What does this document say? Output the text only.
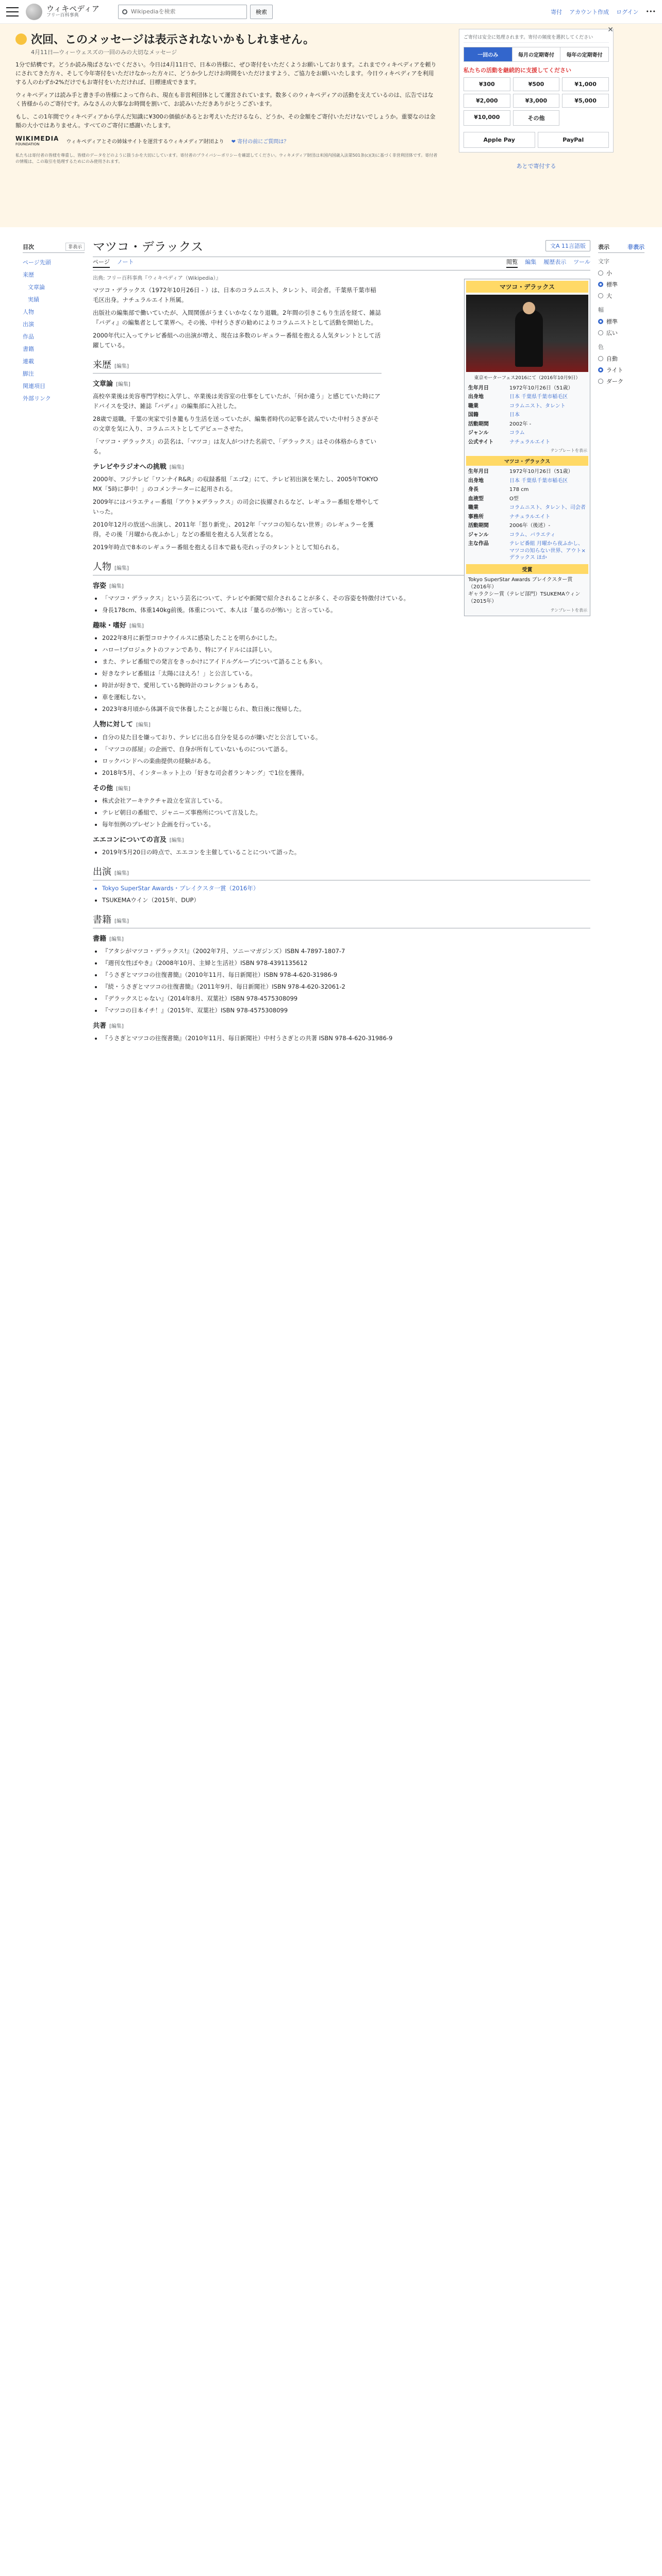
ウィキペディア
フリー百科事典
Wikipediaを検索
検索	寄付 アカウント作成 ログイン •••
次回、このメッセージは表示されないかもしれません。
4月11日―ウィーウェスズの一回のみの大切なメッセージ

1分で結構です。どうか読み飛ばさないでください。今日は4月11日で、日本の皆様に、ぜひ寄付をいただくようお願いしております。これまでウィキペディアを頼りにされてきた方々、そして今年寄付をいただけなかった方々に、どうか少しだけお時間をいただけますよう、ご協力をお願いいたします。今日ウィキペディアを利用する人のわずか2%だけでもお寄付をいただければ、目標達成できます。

ウィキペディアは読み手と書き手の皆様によって作られ、現在も非営利団体として運営されています。数多くのウィキペディアの活動を支えているのは、広告ではなく皆様からのご寄付です。みなさんの大事なお時間を割いて、お読みいただきありがとうございます。

もし、この1年間でウィキペディアから学んだ知識に¥300の価値があるとお考えいただけるなら、どうか、その金額をご寄付いただけないでしょうか。重要なのは金額の大小ではありません。すべてのご寄付に感謝いたします。

WIKIMEDIA
FOUNDATION	ウィキペディアとその姉妹サイトを運営するウィキメディア財団より ❤ 寄付の前にご質問は？

私たちは寄付者の皆様を尊重し、皆様のデータをどのように扱うかを大切にしています。寄付者のプライバシーポリシーを確認してください。ウィキメディア財団は米国内国歳入法第501条(c)(3)に基づく非営利団体です。寄付者の情報は、この取引を処理するためにのみ使用されます。

✕
ご寄付は安全に処理されます。寄付の頻度を選択してください
一回のみ	毎月の定期寄付	毎年の定期寄付
私たちの活動を継続的に支援してください
¥300	¥500	¥1,000
¥2,000	¥3,000	¥5,000
¥10,000	その他
Apple Pay	PayPal
あとで寄付する
目次	非表示
ページ先頭
来歴
文章論
実績
人物
出演
作品
書籍
連載
脚注
関連項目
外部リンク
表示	非表示
文字
小
標準
大
幅
標準
広い
色
自動
ライト
ダーク
マツコ・デラックス	文A 11言語版
ページ ノート	閲覧 編集 履歴表示 ツール
出典: フリー百科事典『ウィキペディア（Wikipedia）』

マツコ・デラックス（1972年10月26日 - ）は、日本のコラムニスト、タレント、司会者。千葉県千葉市稲毛区出身。ナチュラルエイト所属。

出版社の編集部で働いていたが、入間関係がうまくいかなくなり退職。2年間の引きこもり生活を経て、雑誌『バディ』の編集者として業界へ。その後、中村うさぎの勧めによりコラムニストとして活動を開始した。

2000年代に入ってテレビ番組への出演が増え、現在は多数のレギュラー番組を抱える人気タレントとして活躍している。

来歴 [編集]
文章論 [編集]

高校卒業後は美容専門学校に入学し、卒業後は美容室の仕事をしていたが、「何か違う」と感じていた時にアドバイスを受け、雑誌『バディ』の編集部に入社した。

28歳で退職。千葉の実家で引き籠もり生活を送っていたが、編集者時代の記事を読んでいた中村うさぎがその文章を気に入り、コラムニストとしてデビューさせた。

「マツコ・デラックス」の芸名は、「マツコ」は友人がつけた名前で、「デラックス」はその体格からきている。

テレビやラジオへの挑戦 [編集]

2000年、フジテレビ「ワンナイR&R」の収録番組「エゴ2」にて、テレビ初出演を果たし、2005年TOKYO MX「5時に夢中！」のコメンテーターに起用される。

2009年にはバラエティー番組「アウト×デラックス」の司会に抜擢されるなど、レギュラー番組を増やしていった。

2010年12月の放送へ出演し、2011年「怒り新党」、2012年「マツコの知らない世界」のレギュラーを獲得。その後「月曜から夜ふかし」などの番組を抱える人気者となる。

2019年時点で8本のレギュラー番組を抱える日本で最も売れっ子のタレントとして知られる。

人物 [編集]
容姿 [編集]
• 「マツコ・デラックス」という芸名について、テレビや新聞で紹介されることが多く、その容姿を特徴付けている。
• 身長178cm、体重140kg前後。体重について、本人は「量るのが怖い」と言っている。
趣味・嗜好 [編集]
• 2022年8月に新型コロナウイルスに感染したことを明らかにした。
• ハロー!プロジェクトのファンであり、特にアイドルには詳しい。
• また、テレビ番組での発言をきっかけにアイドルグループについて語ることも多い。
• 好きなテレビ番組は「太陽にほえろ！」と公言している。
• 時計が好きで、愛用している腕時計のコレクションもある。
• 車を運転しない。
• 2023年8月頃から体調不良で休養したことが報じられ、数日後に復帰した。
人物に対して [編集]
• 自分の見た目を嫌っており、テレビに出る自分を見るのが嫌いだと公言している。
• 「マツコの部屋」の企画で、自身が所有していないものについて語る。
• ロックバンドへの楽曲提供の経験がある。
• 2018年5月、インターネット上の「好きな司会者ランキング」で1位を獲得。
その他 [編集]
• 株式会社アーキテクチャ設立を宣言している。
• テレビ朝日の番組で、ジャニーズ事務所について言及した。
• 毎年恒例のプレゼント企画を行っている。
エエコンについての言及 [編集]
• 2019年5月20日の時点で、エエコンを主催していることについて語った。
出演 [編集]
• Tokyo SuperStar Awards・ブレイクスタ一賞（2016年）
• TSUKEMAウイン（2015年、DUP）
書籍 [編集]
書籍 [編集]
• 『アタシがマツコ・デラックス!』（2002年7月、ソニーマガジンズ）ISBN 4-7897-1807-7
• 『週刊女性ぼやき』（2008年10月、主婦と生活社）ISBN 978-4391135612
• 『うさぎとマツコの往復書簡』（2010年11月、毎日新聞社）ISBN 978-4-620-31986-9
• 『続・うさぎとマツコの往復書簡』（2011年9月、毎日新聞社）ISBN 978-4-620-32061-2
• 『デラックスじゃない』（2014年8月、双葉社）ISBN 978-4575308099
• 『マツコの日本イチ！』（2015年、双葉社）ISBN 978-4575308099
共著 [編集]
• 『うさぎとマツコの往復書簡』（2010年11月、毎日新聞社）中村うさぎとの共著 ISBN 978-4-620-31986-9
マツコ・デラックス
東京モーターフェス2016にて（2016年10月9日）
生年月日	1972年10月26日（51歳）
出身地	日本 千葉県千葉市稲毛区
職業	コラムニスト、タレント
国籍	日本
活動期間	2002年 -
ジャンル	コラム
公式サイト	ナチュラルエイト
テンプレートを表示
マツコ・デラックス
生年月日	1972年10月26日（51歳）
出身地	日本 千葉県千葉市稲毛区
身長	178 cm
血液型	O型
職業	コラムニスト、タレント、司会者
事務所	ナチュラルエイト
活動期間	2006年（後述）-
ジャンル	コラム、バラエティ
主な作品	テレビ番組 月曜から夜ふかし、マツコの知らない世界、アウト×デラックス ほか
受賞
Tokyo SuperStar Awards ブレイクスター賞（2016年）
ギャラクシー賞（テレビ部門）TSUKEMAウィン（2015年）
テンプレートを表示
